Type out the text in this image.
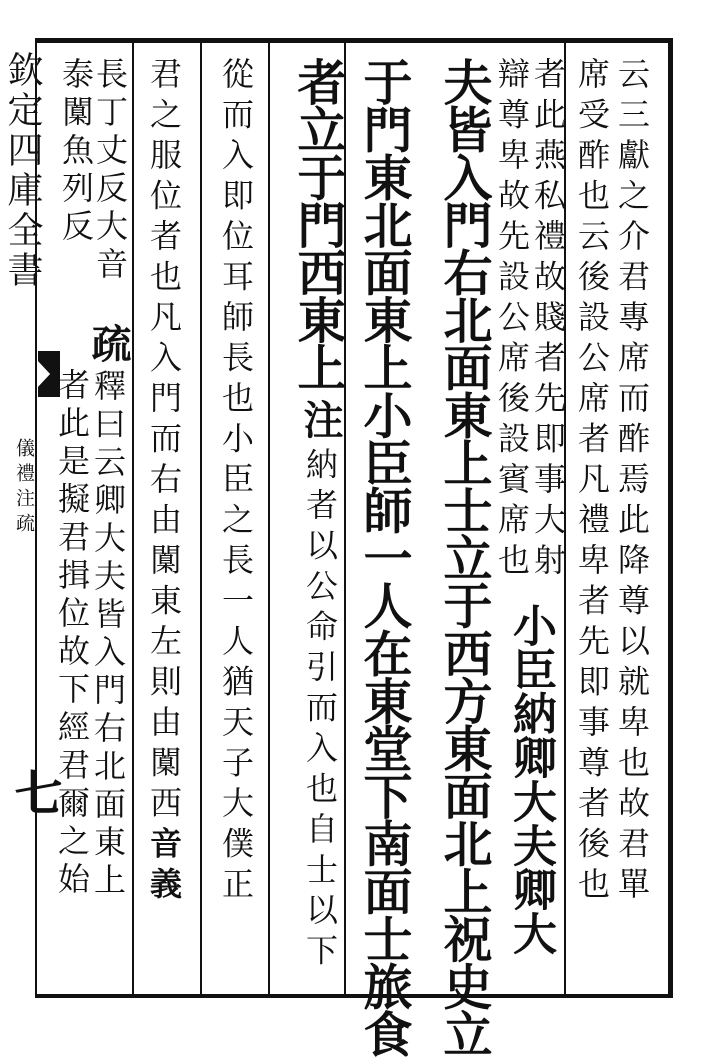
欽定四庫全書
儀禮注疏
七	云三獻之介君專席而酢焉此降尊以就卑也故君單
席受酢也云後設公席者凡禮卑者先即事尊者後也
者此燕私禮故賤者先即事大射
辯尊卑故先設公席後設賓席也
小臣納卿大夫卿大
夫皆入門右北面東上士立于西方東面北上祝史立
于門東北面東上小臣師一人在東堂下南面士旅食
者立于門西東上
注納者以公命引而入也自士以下
從而入即位耳師長也小臣之長一人猶天子大僕正
君之服位者也凡入門而右由闑東左則由闑西音義
長丁丈反大音
泰闑魚列反
疏釋曰云卿大夫皆入門右北面東上
者此是擬君揖位故下經君爾之始
